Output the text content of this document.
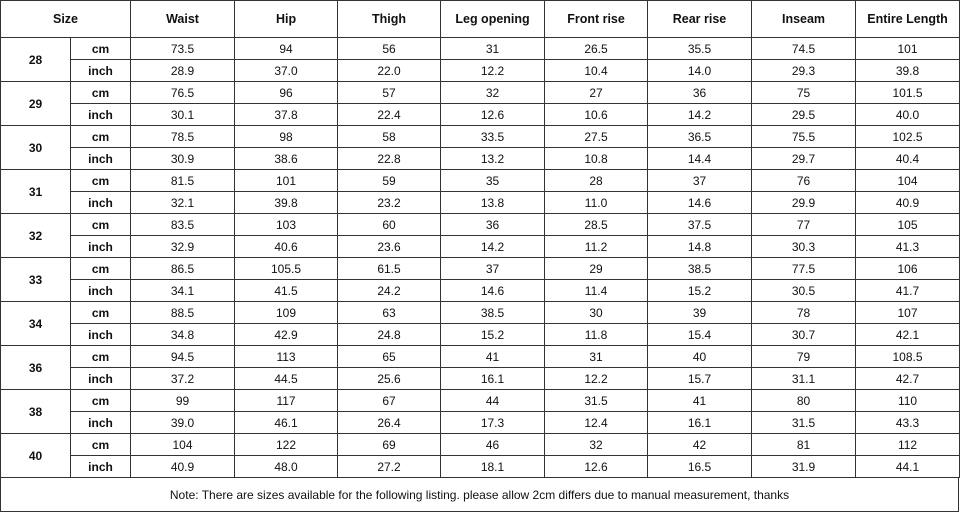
Size		Waist	Hip	Thigh	Leg opening	Front rise	Rear rise	Inseam	Entire Length
28	cm	73.5	94	56	31	26.5	35.5	74.5	101
	inch	28.9	37.0	22.0	12.2	10.4	14.0	29.3	39.8
29	cm	76.5	96	57	32	27	36	75	101.5
	inch	30.1	37.8	22.4	12.6	10.6	14.2	29.5	40.0
30	cm	78.5	98	58	33.5	27.5	36.5	75.5	102.5
	inch	30.9	38.6	22.8	13.2	10.8	14.4	29.7	40.4
31	cm	81.5	101	59	35	28	37	76	104
	inch	32.1	39.8	23.2	13.8	11.0	14.6	29.9	40.9
32	cm	83.5	103	60	36	28.5	37.5	77	105
	inch	32.9	40.6	23.6	14.2	11.2	14.8	30.3	41.3
33	cm	86.5	105.5	61.5	37	29	38.5	77.5	106
	inch	34.1	41.5	24.2	14.6	11.4	15.2	30.5	41.7
34	cm	88.5	109	63	38.5	30	39	78	107
	inch	34.8	42.9	24.8	15.2	11.8	15.4	30.7	42.1
36	cm	94.5	113	65	41	31	40	79	108.5
	inch	37.2	44.5	25.6	16.1	12.2	15.7	31.1	42.7
38	cm	99	117	67	44	31.5	41	80	110
	inch	39.0	46.1	26.4	17.3	12.4	16.1	31.5	43.3
40	cm	104	122	69	46	32	42	81	112
	inch	40.9	48.0	27.2	18.1	12.6	16.5	31.9	44.1
Note: There are sizes available for the following listing. please allow 2cm differs due to manual measurement, thanks
